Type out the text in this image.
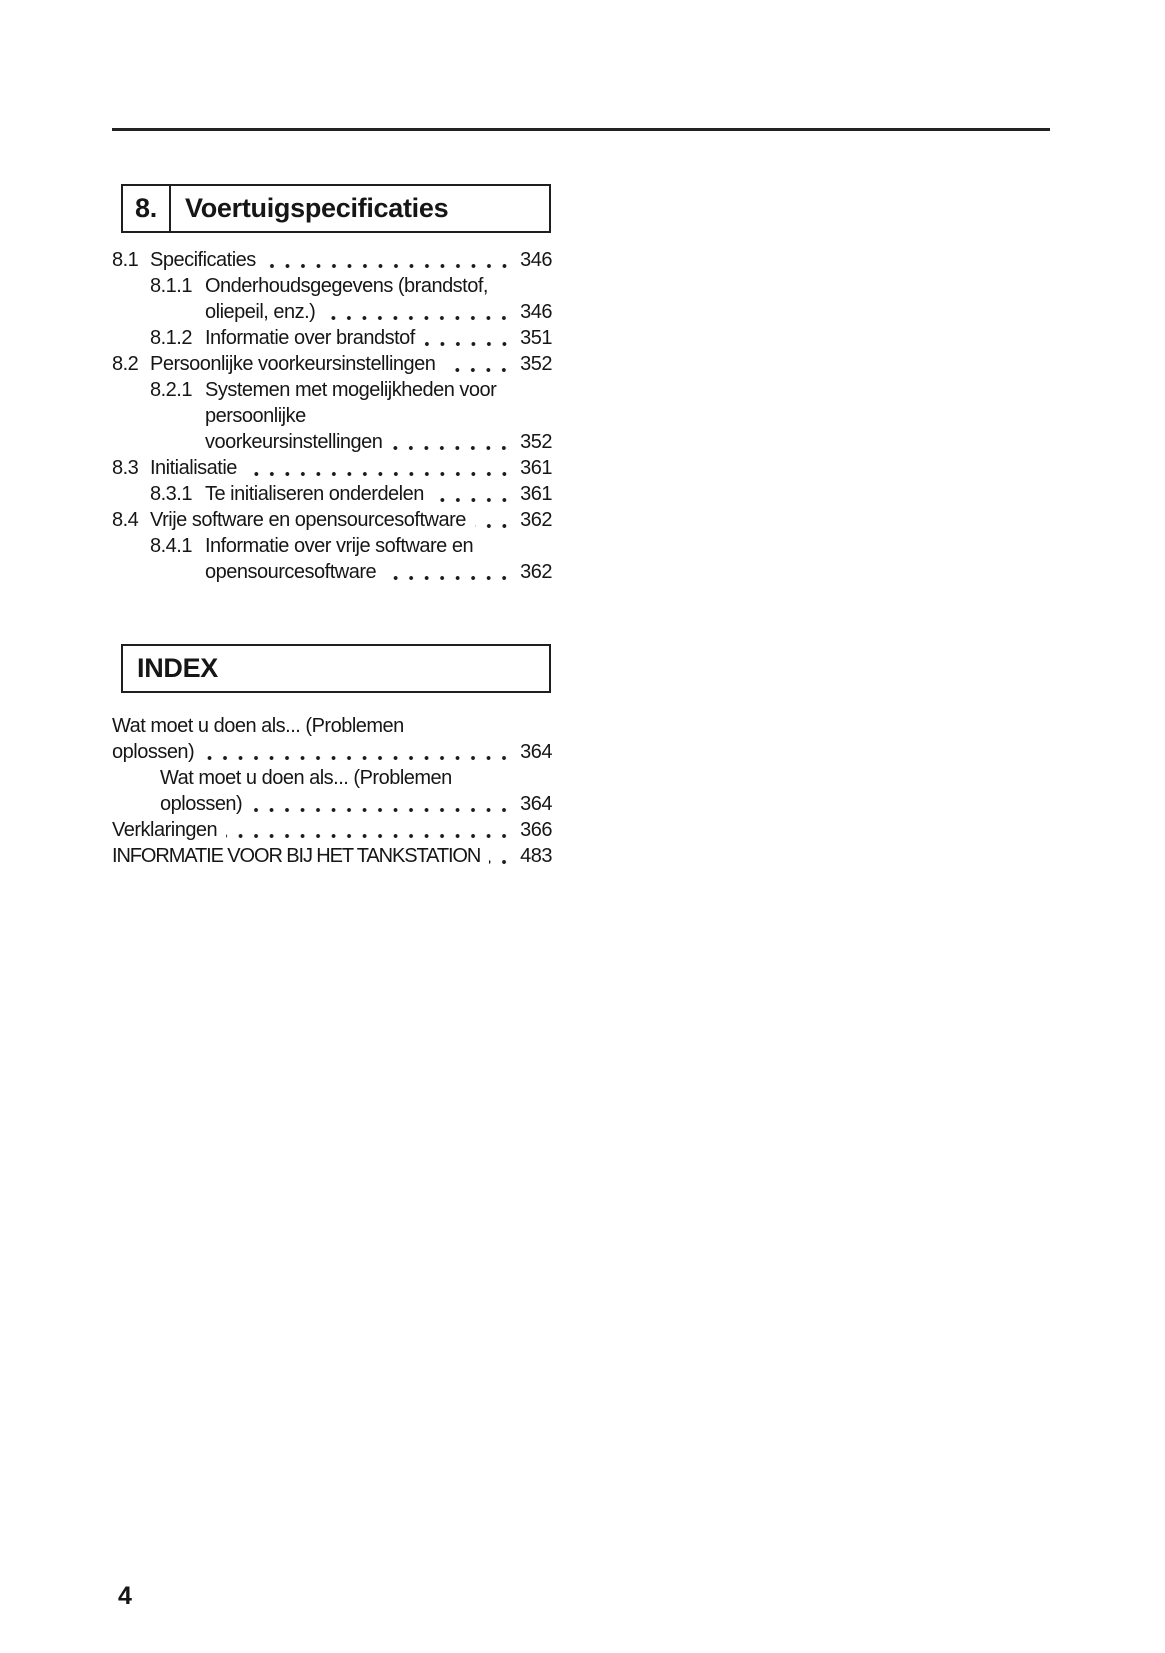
8.	Voertuigspecificaties
8.1 Specificaties	346
8.1.1 Onderhoudsgegevens (brandstof,
oliepeil, enz.)	346
8.1.2 Informatie over brandstof	351
8.2 Persoonlijke voorkeursinstellingen	352
8.2.1 Systemen met mogelijkheden voor
persoonlijke
voorkeursinstellingen	352
8.3 Initialisatie	361
8.3.1 Te initialiseren onderdelen	361
8.4 Vrije software en opensourcesoftware	362
8.4.1 Informatie over vrije software en
opensourcesoftware	362
INDEX
Wat moet u doen als... (Problemen
oplossen)	364
Wat moet u doen als... (Problemen
oplossen)	364
Verklaringen	366
INFORMATIE VOOR BIJ HET TANKSTATION 483
4
